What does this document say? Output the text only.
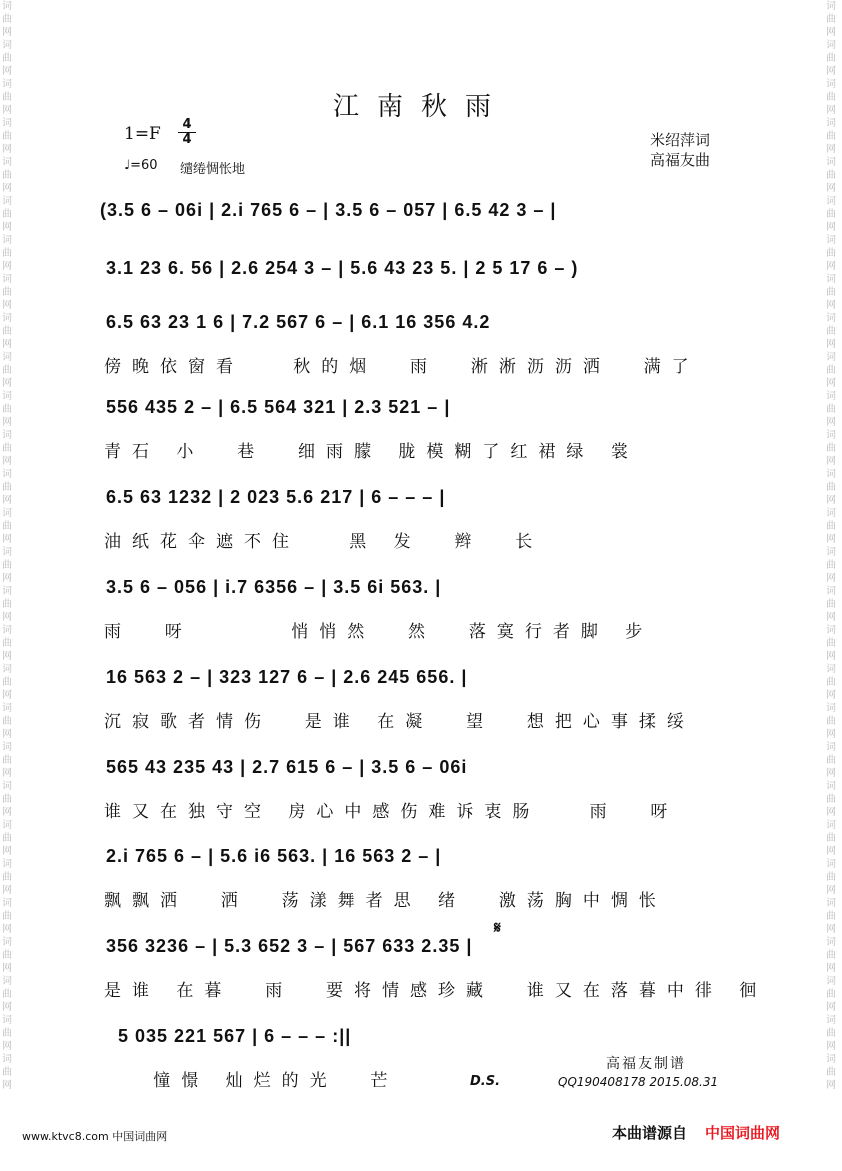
词曲网词曲网词曲网词曲网词曲网词曲网词曲网词曲网词曲网词曲网词曲网词曲网词曲网词曲网词曲网词曲网词曲网词曲网词曲网词曲网词曲网词曲网词曲网词曲网词曲网词曲网词曲网词曲网
词曲网词曲网词曲网词曲网词曲网词曲网词曲网词曲网词曲网词曲网词曲网词曲网词曲网词曲网词曲网词曲网词曲网词曲网词曲网词曲网词曲网词曲网词曲网词曲网词曲网词曲网词曲网词曲网
江南秋雨
1=F	4
4
♩=60 缱绻惆怅地
米绍萍词
高福友曲
(3.5 6 – 06i | 2.i 765 6 – | 3.5 6 – 057 | 6.5 42 3 – |
3.1 23 6. 56 | 2.6 254 3 – | 5.6 43 23 5. | 2 5 17 6 – )
6.5 63 23 1 6 | 7.2 567 6 – | 6.1 16 356 4.2
傍晚依窗看   秋的烟  雨  淅淅沥沥洒  满了
556 435 2 – | 6.5 564 321 | 2.3 521 – |
青石 小  巷  细雨朦 胧模糊了红裙绿 裳
6.5 63 1232 | 2 023 5.6 217 | 6 – – – |
油纸花伞遮不住   黑 发  辫  长
3.5 6 – 056 | i.7 6356 – | 3.5 6i 563. |
雨  呀      悄悄然  然  落寞行者脚 步
16 563 2 – | 323 127 6 – | 2.6 245 656. |
沉寂歌者情伤  是谁 在凝  望  想把心事揉绥
565 43 235 43 | 2.7 615 6 – | 3.5 6 – 06i
谁又在独守空 房心中感伤难诉衷肠   雨  呀
2.i 765 6 – | 5.6 i6 563. | 16 563 2 – |
飘飘洒  洒  荡漾舞者思 绪  激荡胸中惆怅
356 3236 – | 5.3 652 3 – | 567 633 2.35 |
是谁 在暮  雨  要将情感珍藏  谁又在落暮中徘 徊
5 035 221 567 | 6 – – – :||
憧憬 灿烂的光  芒
𝄋
高福友制谱
D.S.	QQ190408178 2015.08.31
www.ktvc8.com 中国词曲网	本曲谱源自 中国词曲网
